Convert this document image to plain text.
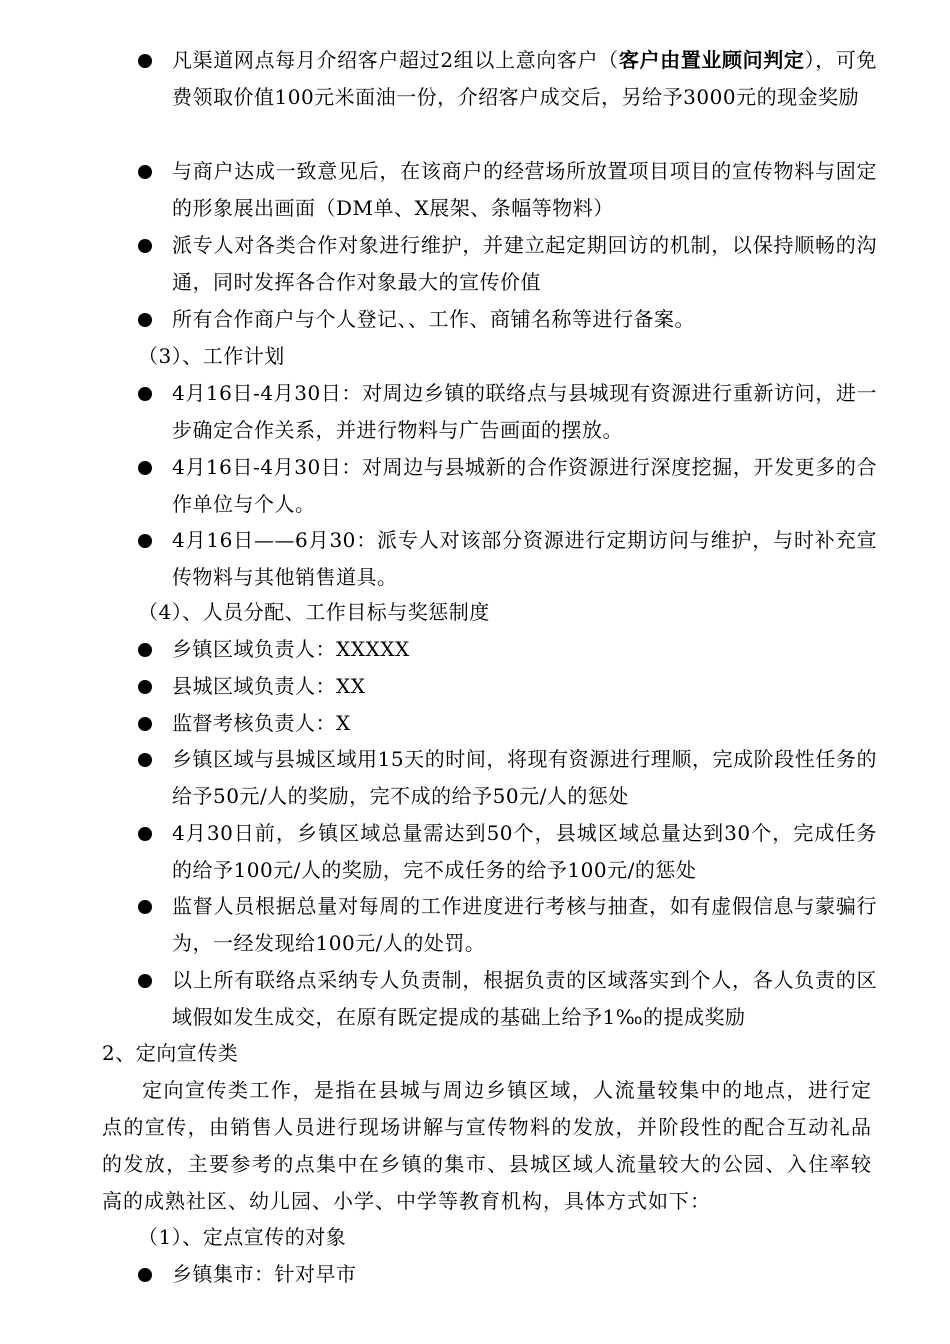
凡渠道网点每月介绍客户超过2组以上意向客户（客户由置业顾问判定），可免费领取价值100元米面油一份，介绍客户成交后，另给予3000元的现金奖励
与商户达成一致意见后，在该商户的经营场所放置项目项目的宣传物料与固定的形象展出画面（DM单、X展架、条幅等物料）
派专人对各类合作对象进行维护，并建立起定期回访的机制，以保持顺畅的沟通，同时发挥各合作对象最大的宣传价值
所有合作商户与个人登记、、工作、商铺名称等进行备案。
（3）、工作计划
4月16日-4月30日：对周边乡镇的联络点与县城现有资源进行重新访问，进一步确定合作关系，并进行物料与广告画面的摆放。
4月16日-4月30日：对周边与县城新的合作资源进行深度挖掘，开发更多的合作单位与个人。
4月16日——6月30：派专人对该部分资源进行定期访问与维护，与时补充宣传物料与其他销售道具。
（4）、人员分配、工作目标与奖惩制度
乡镇区域负责人：XXXXX
县城区域负责人：XX
监督考核负责人：X
乡镇区域与县城区域用15天的时间，将现有资源进行理顺，完成阶段性任务的给予50元/人的奖励，完不成的给予50元/人的惩处
4月30日前，乡镇区域总量需达到50个，县城区域总量达到30个，完成任务的给予100元/人的奖励，完不成任务的给予100元/的惩处
监督人员根据总量对每周的工作进度进行考核与抽查，如有虚假信息与蒙骗行为，一经发现给100元/人的处罚。
以上所有联络点采纳专人负责制，根据负责的区域落实到个人，各人负责的区域假如发生成交，在原有既定提成的基础上给予1‰的提成奖励
2、定向宣传类
定向宣传类工作，是指在县城与周边乡镇区域，人流量较集中的地点，进行定点的宣传，由销售人员进行现场讲解与宣传物料的发放，并阶段性的配合互动礼品的发放，主要参考的点集中在乡镇的集市、县城区域人流量较大的公园、入住率较高的成熟社区、幼儿园、小学、中学等教育机构，具体方式如下：
（1）、定点宣传的对象
乡镇集市：针对早市
